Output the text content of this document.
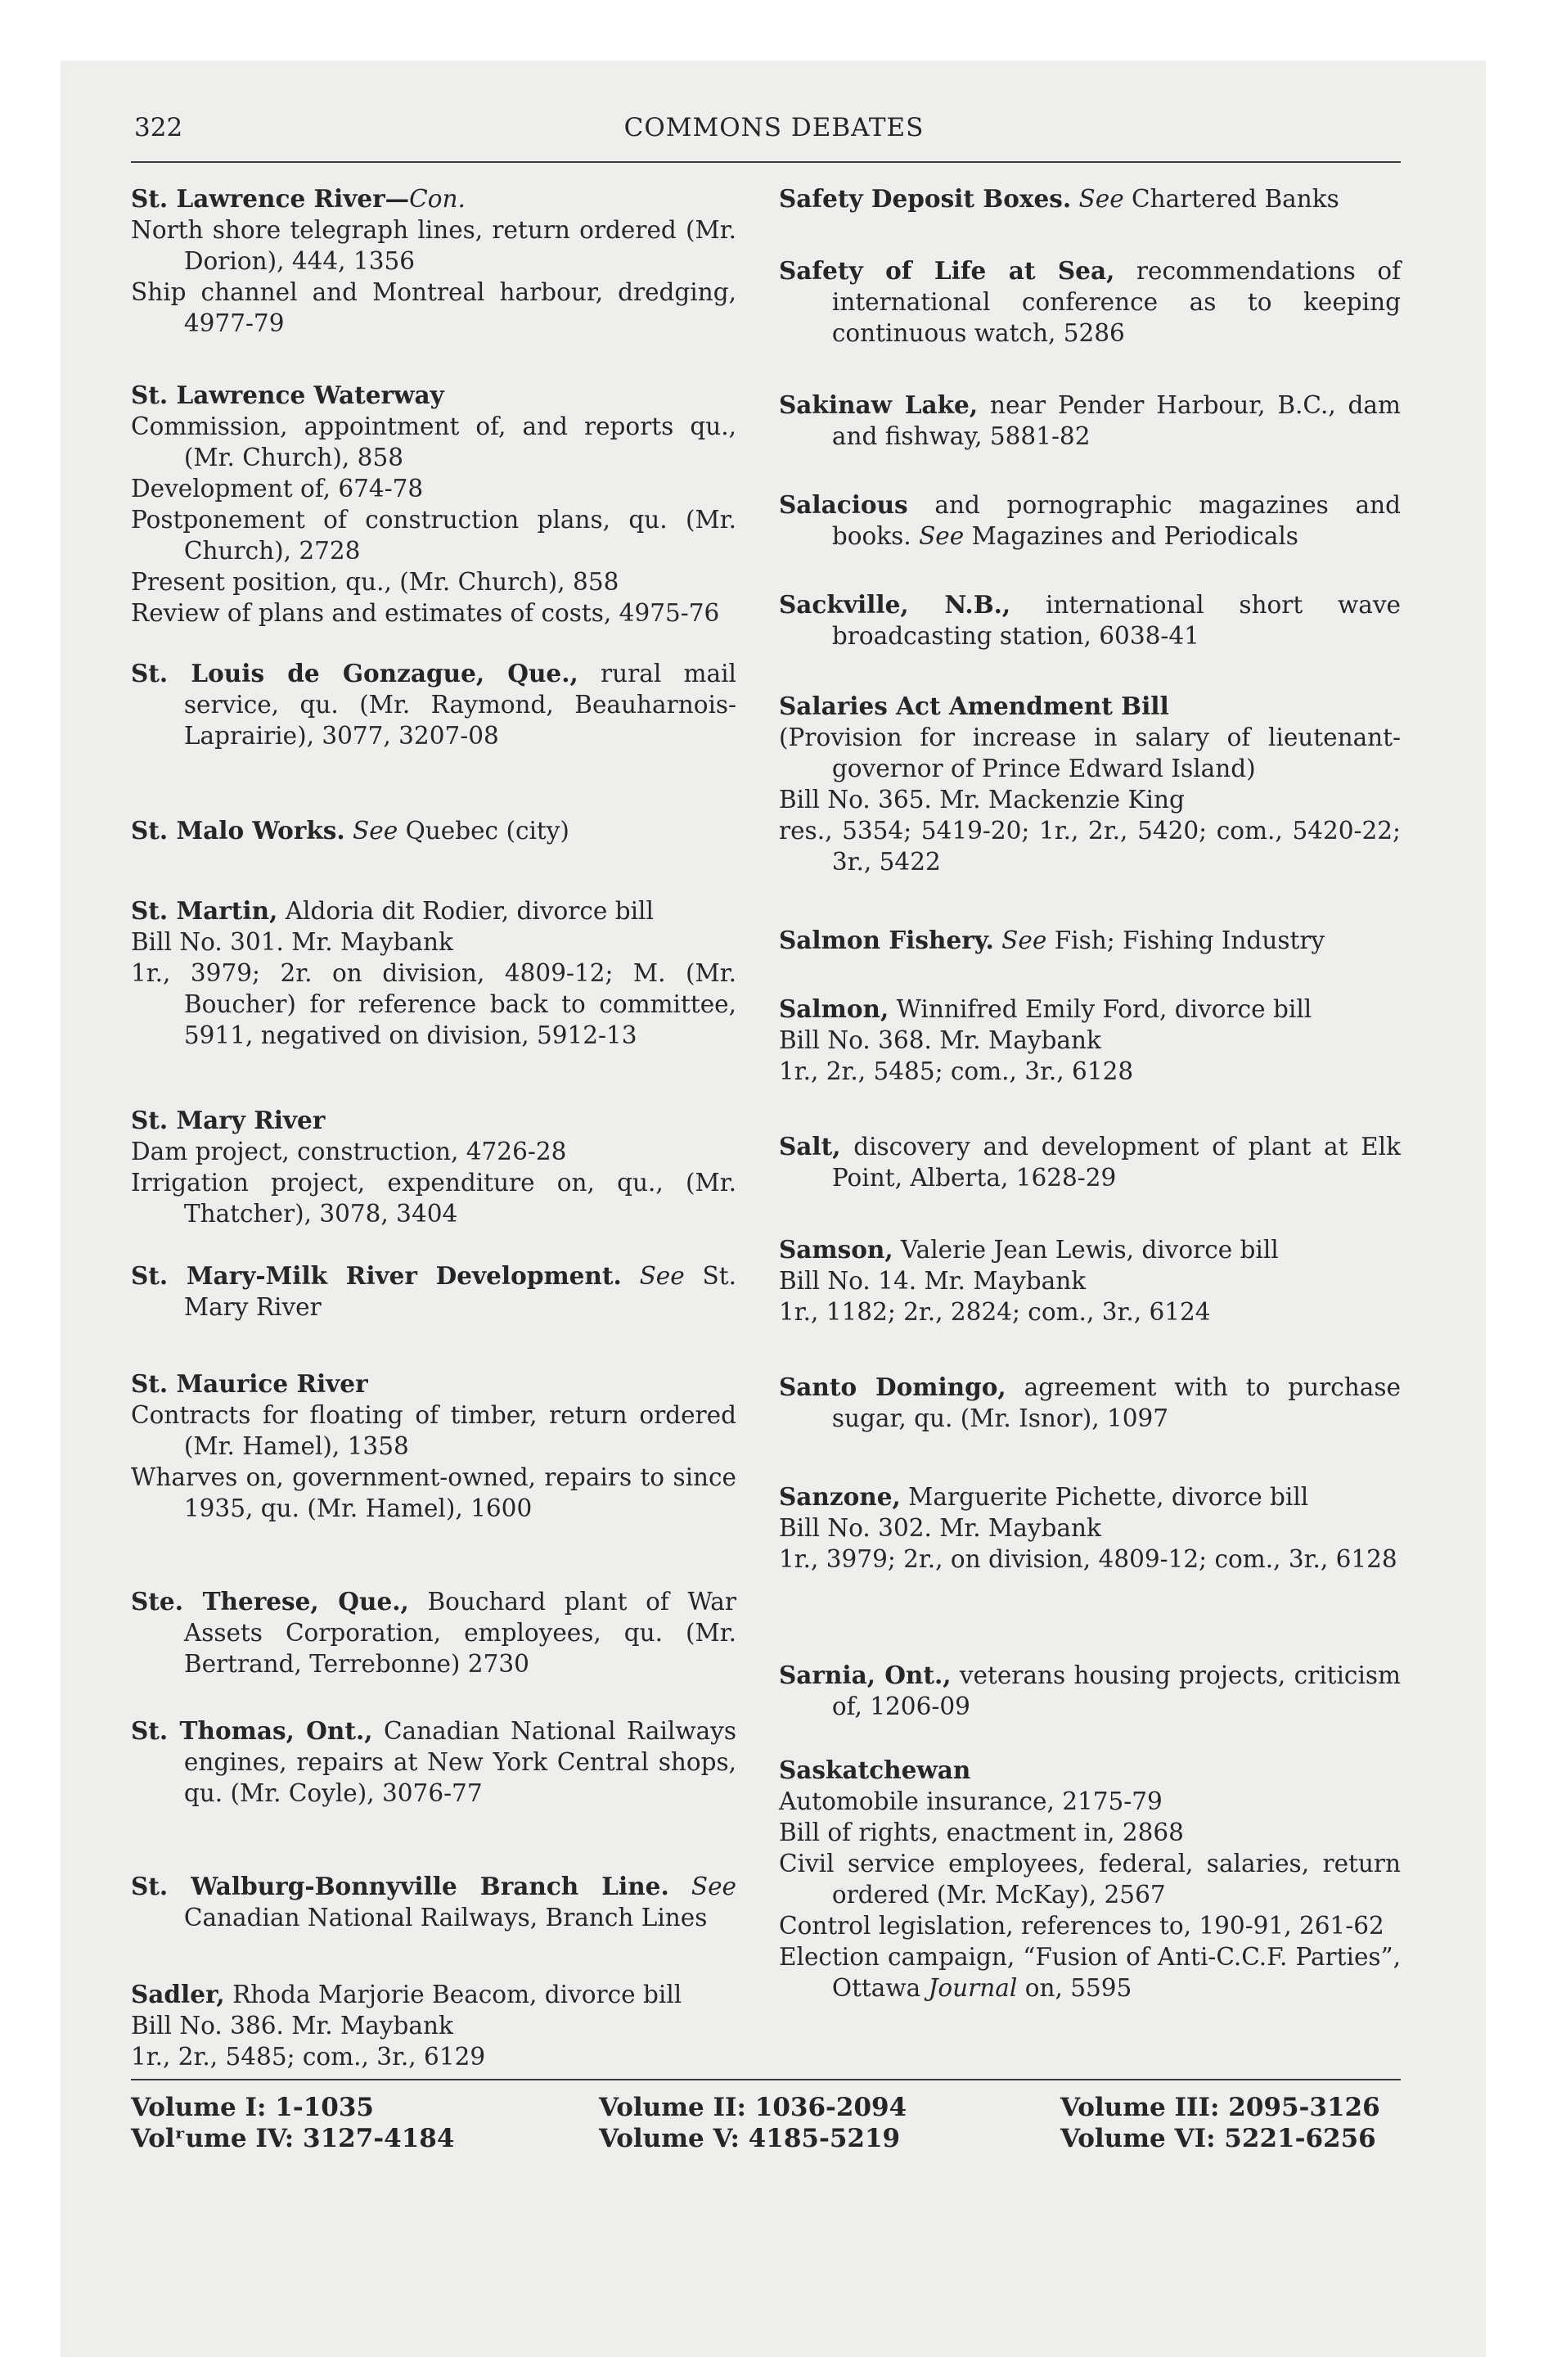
322	COMMONS DEBATES
St. Lawrence River—Con.
North shore telegraph lines, return ordered (Mr. Dorion), 444, 1356
Ship channel and Montreal harbour, dredging, 4977-79
St. Lawrence Waterway
Commission, appointment of, and reports qu., (Mr. Church), 858
Development of, 674-78
Postponement of construction plans, qu. (Mr. Church), 2728
Present position, qu., (Mr. Church), 858
Review of plans and estimates of costs, 4975-76
St. Louis de Gonzague, Que., rural mail service, qu. (Mr. Raymond, Beauharnois-Laprairie), 3077, 3207-08
St. Malo Works. See Quebec (city)
St. Martin, Aldoria dit Rodier, divorce bill
Bill No. 301. Mr. Maybank
1r., 3979; 2r. on division, 4809-12; M. (Mr. Boucher) for reference back to committee, 5911, negatived on division, 5912-13
St. Mary River
Dam project, construction, 4726-28
Irrigation project, expenditure on, qu., (Mr. Thatcher), 3078, 3404
St. Mary-Milk River Development. See St. Mary River
St. Maurice River
Contracts for floating of timber, return ordered (Mr. Hamel), 1358
Wharves on, government-owned, repairs to since 1935, qu. (Mr. Hamel), 1600
Ste. Therese, Que., Bouchard plant of War Assets Corporation, employees, qu. (Mr. Bertrand, Terrebonne) 2730
St. Thomas, Ont., Canadian National Railways engines, repairs at New York Central shops, qu. (Mr. Coyle), 3076-77
St. Walburg-Bonnyville Branch Line. See Canadian National Railways, Branch Lines
Sadler, Rhoda Marjorie Beacom, divorce bill
Bill No. 386. Mr. Maybank
1r., 2r., 5485; com., 3r., 6129
Safety Deposit Boxes. See Chartered Banks
Safety of Life at Sea, recommendations of international conference as to keeping continuous watch, 5286
Sakinaw Lake, near Pender Harbour, B.C., dam and fishway, 5881-82
Salacious and pornographic magazines and books. See Magazines and Periodicals
Sackville, N.B., international short wave broadcasting station, 6038-41
Salaries Act Amendment Bill
(Provision for increase in salary of lieutenant-governor of Prince Edward Island)
Bill No. 365. Mr. Mackenzie King
res., 5354; 5419-20; 1r., 2r., 5420; com., 5420-22; 3r., 5422
Salmon Fishery. See Fish; Fishing Industry
Salmon, Winnifred Emily Ford, divorce bill
Bill No. 368. Mr. Maybank
1r., 2r., 5485; com., 3r., 6128
Salt, discovery and development of plant at Elk Point, Alberta, 1628-29
Samson, Valerie Jean Lewis, divorce bill
Bill No. 14. Mr. Maybank
1r., 1182; 2r., 2824; com., 3r., 6124
Santo Domingo, agreement with to purchase sugar, qu. (Mr. Isnor), 1097
Sanzone, Marguerite Pichette, divorce bill
Bill No. 302. Mr. Maybank
1r., 3979; 2r., on division, 4809-12; com., 3r., 6128
Sarnia, Ont., veterans housing projects, criticism of, 1206-09
Saskatchewan
Automobile insurance, 2175-79
Bill of rights, enactment in, 2868
Civil service employees, federal, salaries, return ordered (Mr. McKay), 2567
Control legislation, references to, 190-91, 261-62
Election campaign, “Fusion of Anti-C.C.F. Parties”, Ottawa Journal on, 5595
Volume I: 1-1035
Volʳume IV: 3127-4184
Volume II: 1036-2094
Volume V: 4185-5219
Volume III: 2095-3126
Volume VI: 5221-6256
